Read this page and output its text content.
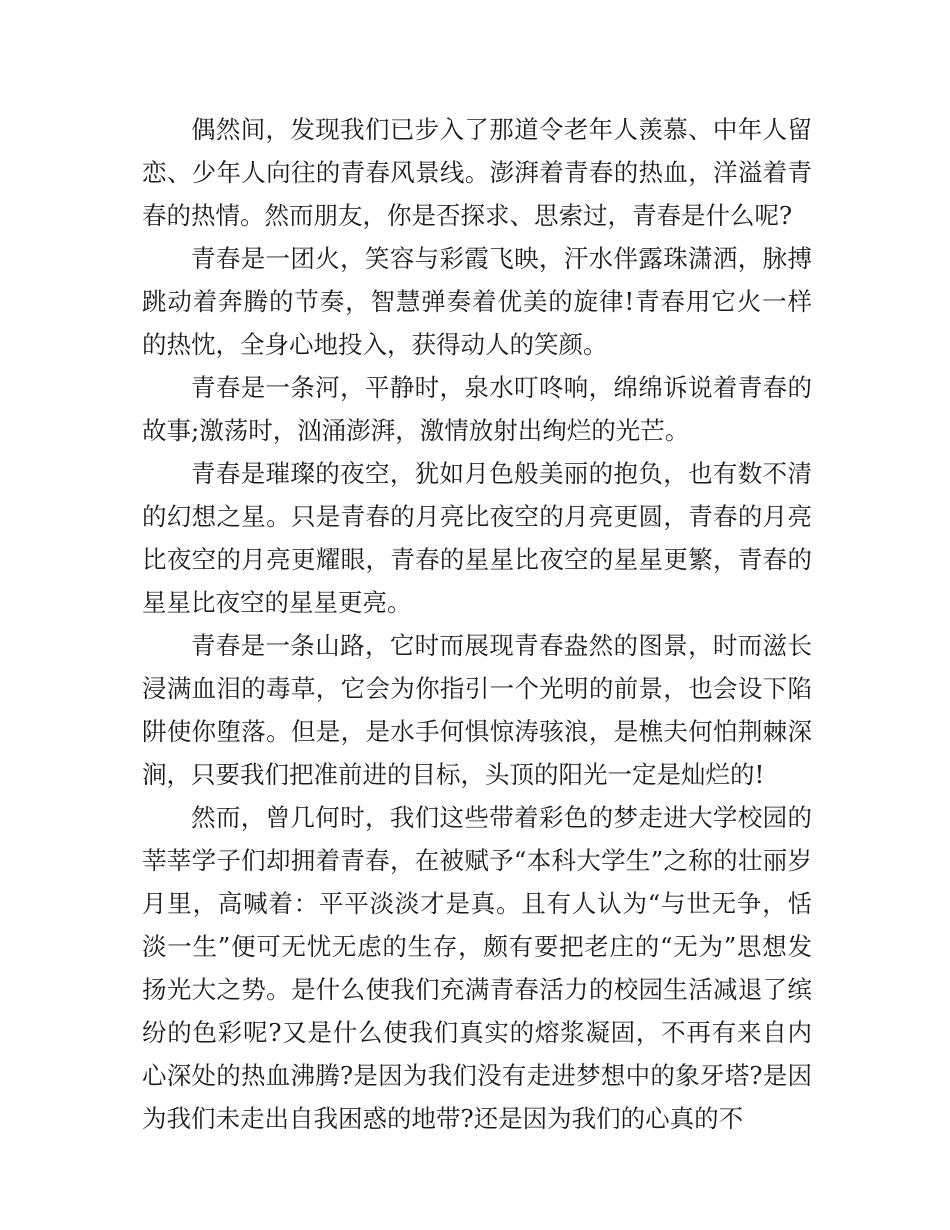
偶然间，发现我们已步入了那道令老年人羡慕、中年人留恋、少年人向往的青春风景线。澎湃着青春的热血，洋溢着青春的热情。然而朋友，你是否探求、思索过，青春是什么呢?

青春是一团火，笑容与彩霞飞映，汗水伴露珠潇洒，脉搏跳动着奔腾的节奏，智慧弹奏着优美的旋律!青春用它火一样的热忱，全身心地投入，获得动人的笑颜。

青春是一条河，平静时，泉水叮咚响，绵绵诉说着青春的故事;激荡时，汹涌澎湃，激情放射出绚烂的光芒。

青春是璀璨的夜空，犹如月色般美丽的抱负，也有数不清的幻想之星。只是青春的月亮比夜空的月亮更圆，青春的月亮比夜空的月亮更耀眼，青春的星星比夜空的星星更繁，青春的星星比夜空的星星更亮。

青春是一条山路，它时而展现青春盎然的图景，时而滋长浸满血泪的毒草，它会为你指引一个光明的前景，也会设下陷阱使你堕落。但是，是水手何惧惊涛骇浪，是樵夫何怕荆棘深涧，只要我们把准前进的目标，头顶的阳光一定是灿烂的!

然而，曾几何时，我们这些带着彩色的梦走进大学校园的莘莘学子们却拥着青春，在被赋予“本科大学生”之称的壮丽岁月里，高喊着：平平淡淡才是真。且有人认为“与世无争，恬淡一生”便可无忧无虑的生存，颇有要把老庄的“无为”思想发扬光大之势。是什么使我们充满青春活力的校园生活减退了缤纷的色彩呢?又是什么使我们真实的熔浆凝固，不再有来自内心深处的热血沸腾?是因为我们没有走进梦想中的象牙塔?是因为我们未走出自我困惑的地带?还是因为我们的心真的不
